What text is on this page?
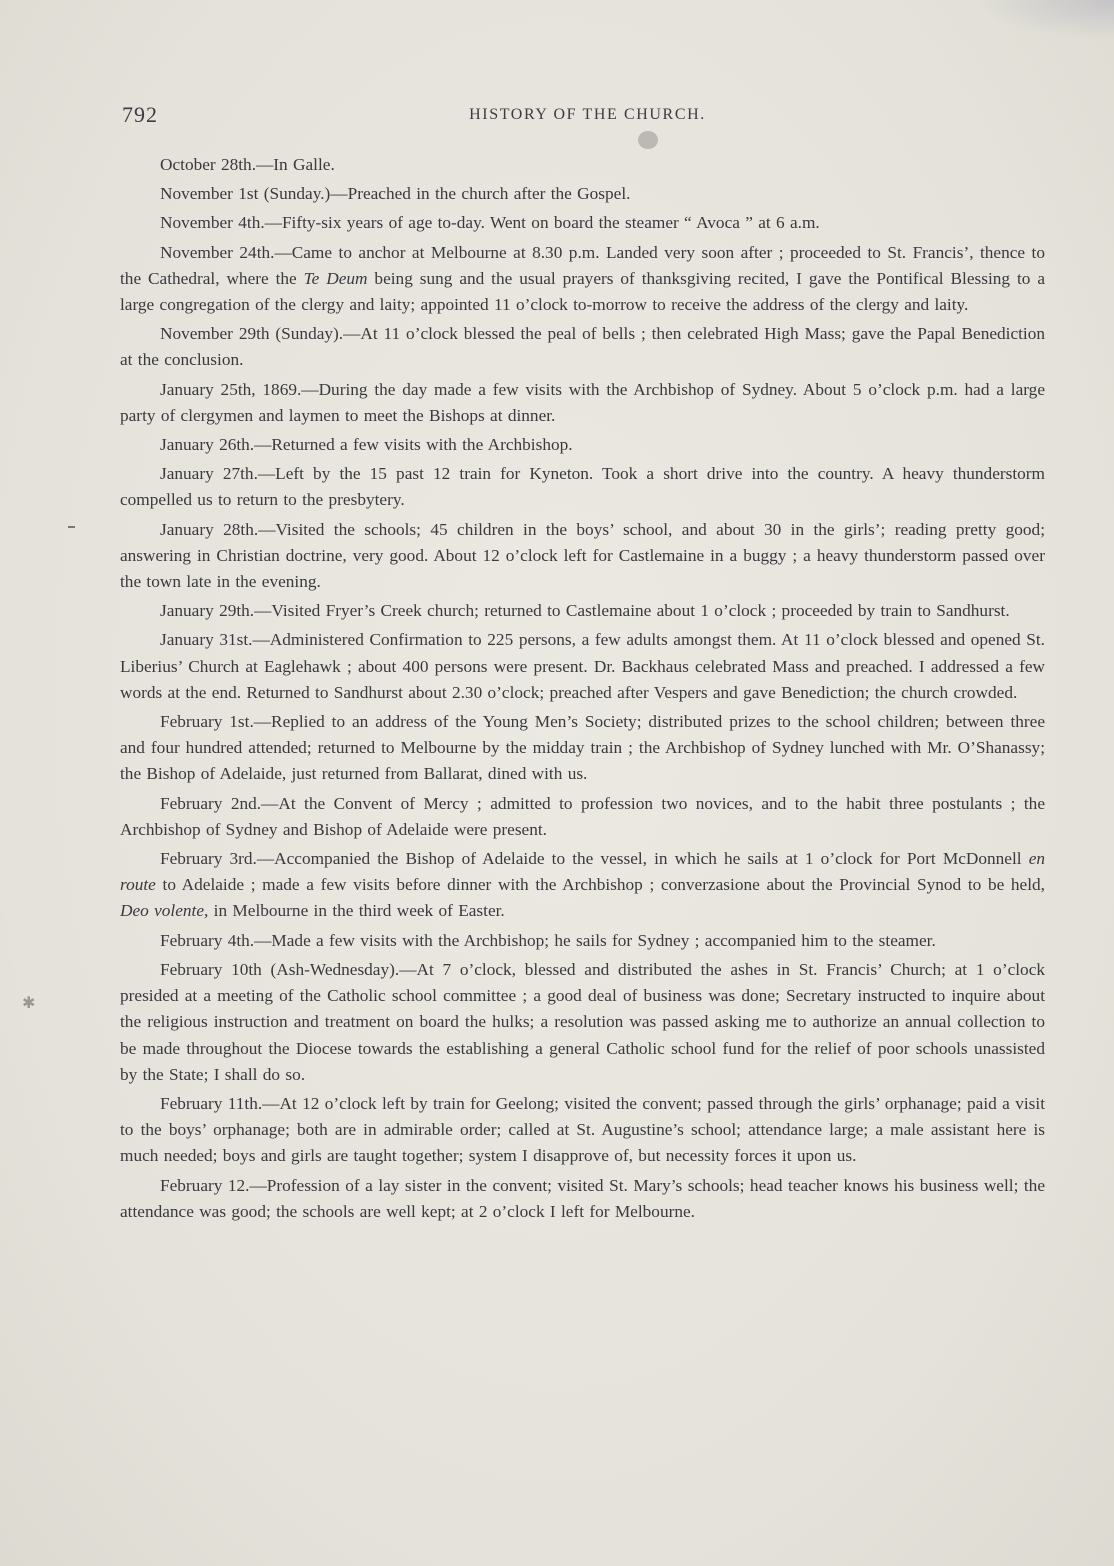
792	HISTORY OF THE CHURCH.
✱

October 28th.—In Galle.

November 1st (Sunday.)—Preached in the church after the Gospel.

November 4th.—Fifty-six years of age to-day. Went on board the steamer “ Avoca ” at 6 a.m.

November 24th.—Came to anchor at Melbourne at 8.30 p.m. Landed very soon after ; proceeded to St. Francis’, thence to the Cathedral, where the Te Deum being sung and the usual prayers of thanksgiving recited, I gave the Pontifical Blessing to a large congregation of the clergy and laity; appointed 11 o’clock to-morrow to receive the address of the clergy and laity.

November 29th (Sunday).—At 11 o’clock blessed the peal of bells ; then celebrated High Mass; gave the Papal Benediction at the conclusion.

January 25th, 1869.—During the day made a few visits with the Archbishop of Sydney. About 5 o’clock p.m. had a large party of clergymen and laymen to meet the Bishops at dinner.

January 26th.—Returned a few visits with the Archbishop.

January 27th.—Left by the 15 past 12 train for Kyneton. Took a short drive into the country. A heavy thunderstorm compelled us to return to the presbytery.

January 28th.—Visited the schools; 45 children in the boys’ school, and about 30 in the girls’; reading pretty good; answering in Christian doctrine, very good. About 12 o’clock left for Castlemaine in a buggy ; a heavy thunderstorm passed over the town late in the evening.

January 29th.—Visited Fryer’s Creek church; returned to Castlemaine about 1 o’clock ; proceeded by train to Sandhurst.

January 31st.—Administered Confirmation to 225 persons, a few adults amongst them. At 11 o’clock blessed and opened St. Liberius’ Church at Eaglehawk ; about 400 persons were present. Dr. Backhaus celebrated Mass and preached. I addressed a few words at the end. Returned to Sandhurst about 2.30 o’clock; preached after Vespers and gave Benediction; the church crowded.

February 1st.—Replied to an address of the Young Men’s Society; distributed prizes to the school children; between three and four hundred attended; returned to Melbourne by the midday train ; the Archbishop of Sydney lunched with Mr. O’Shanassy; the Bishop of Adelaide, just returned from Ballarat, dined with us.

February 2nd.—At the Convent of Mercy ; admitted to profession two novices, and to the habit three postulants ; the Archbishop of Sydney and Bishop of Adelaide were present.

February 3rd.—Accompanied the Bishop of Adelaide to the vessel, in which he sails at 1 o’clock for Port McDonnell en route to Adelaide ; made a few visits before dinner with the Archbishop ; converzasione about the Provincial Synod to be held, Deo volente, in Melbourne in the third week of Easter.

February 4th.—Made a few visits with the Archbishop; he sails for Sydney ; accompanied him to the steamer.

February 10th (Ash-Wednesday).—At 7 o’clock, blessed and distributed the ashes in St. Francis’ Church; at 1 o’clock presided at a meeting of the Catholic school committee ; a good deal of business was done; Secretary instructed to inquire about the religious instruction and treatment on board the hulks; a resolution was passed asking me to authorize an annual collection to be made throughout the Diocese towards the establishing a general Catholic school fund for the relief of poor schools unassisted by the State; I shall do so.

February 11th.—At 12 o’clock left by train for Geelong; visited the convent; passed through the girls’ orphanage; paid a visit to the boys’ orphanage; both are in admirable order; called at St. Augustine’s school; attendance large; a male assistant here is much needed; boys and girls are taught together; system I disapprove of, but necessity forces it upon us.

February 12.—Profession of a lay sister in the convent; visited St. Mary’s schools; head teacher knows his business well; the attendance was good; the schools are well kept; at 2 o’clock I left for Melbourne.
